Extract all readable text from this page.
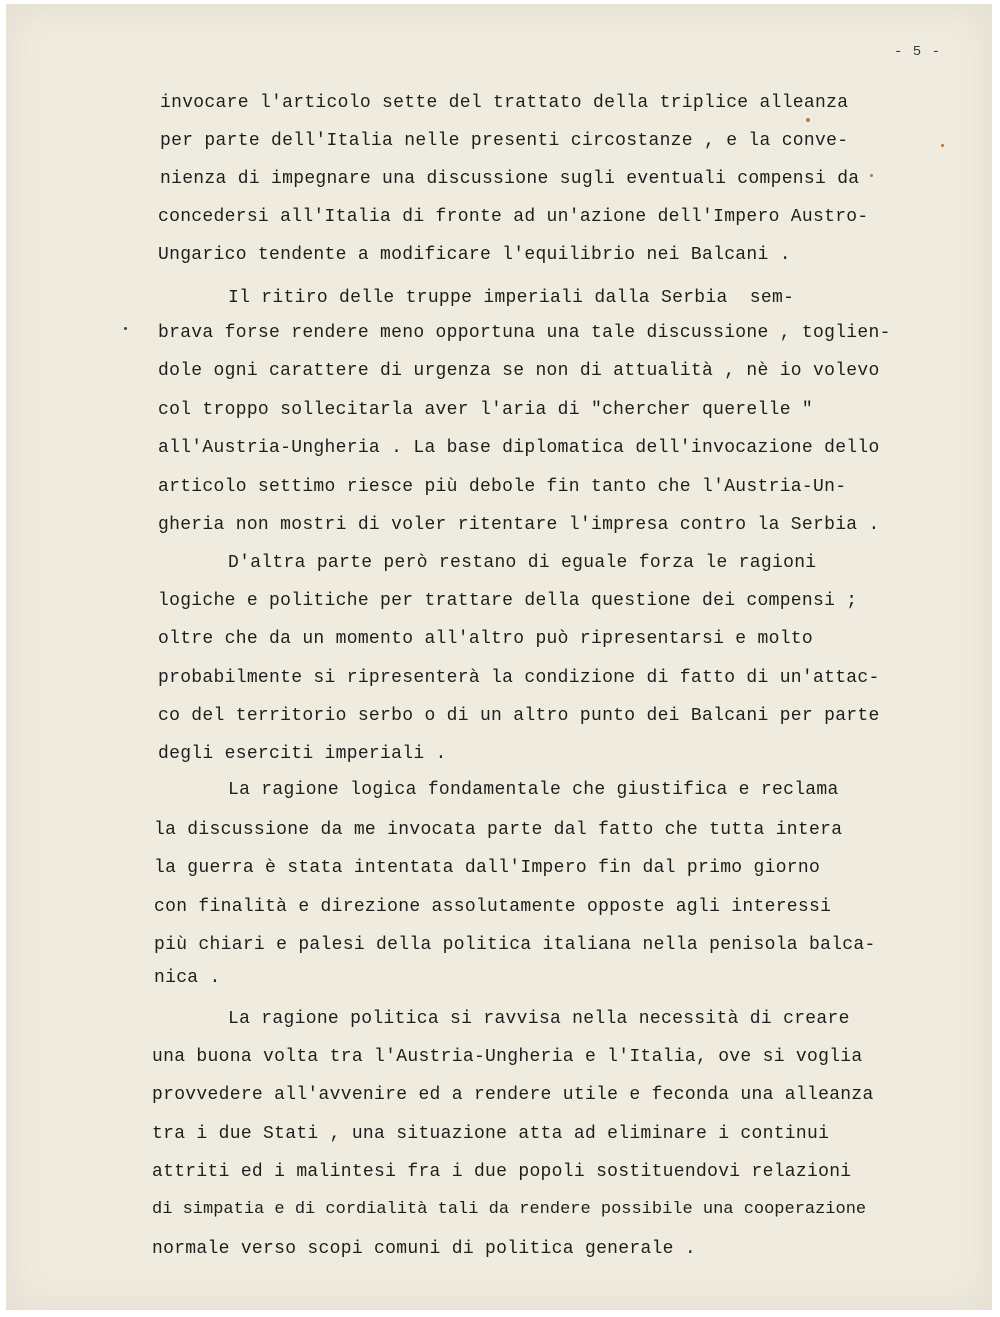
- 5 -
invocare l'articolo sette del trattato della triplice alleanza
per parte dell'Italia nelle presenti circostanze , e la conve-
nienza di impegnare una discussione sugli eventuali compensi da
concedersi all'Italia di fronte ad un'azione dell'Impero Austro-
Ungarico tendente a modificare l'equilibrio nei Balcani .
Il ritiro delle truppe imperiali dalla Serbia  sem-
brava forse rendere meno opportuna una tale discussione , toglien-
dole ogni carattere di urgenza se non di attualità , nè io volevo
col troppo sollecitarla aver l'aria di "chercher querelle "
all'Austria-Ungheria . La base diplomatica dell'invocazione dello
articolo settimo riesce più debole fin tanto che l'Austria-Un-
gheria non mostri di voler ritentare l'impresa contro la Serbia .
D'altra parte però restano di eguale forza le ragioni
logiche e politiche per trattare della questione dei compensi ;
oltre che da un momento all'altro può ripresentarsi e molto
probabilmente si ripresenterà la condizione di fatto di un'attac-
co del territorio serbo o di un altro punto dei Balcani per parte
degli eserciti imperiali .
La ragione logica fondamentale che giustifica e reclama
la discussione da me invocata parte dal fatto che tutta intera
la guerra è stata intentata dall'Impero fin dal primo giorno
con finalità e direzione assolutamente opposte agli interessi
più chiari e palesi della politica italiana nella penisola balca-
nica .
La ragione politica si ravvisa nella necessità di creare
una buona volta tra l'Austria-Ungheria e l'Italia, ove si voglia
provvedere all'avvenire ed a rendere utile e feconda una alleanza
tra i due Stati , una situazione atta ad eliminare i continui
attriti ed i malintesi fra i due popoli sostituendovi relazioni
di simpatia e di cordialità tali da rendere possibile una cooperazione
normale verso scopi comuni di politica generale .
